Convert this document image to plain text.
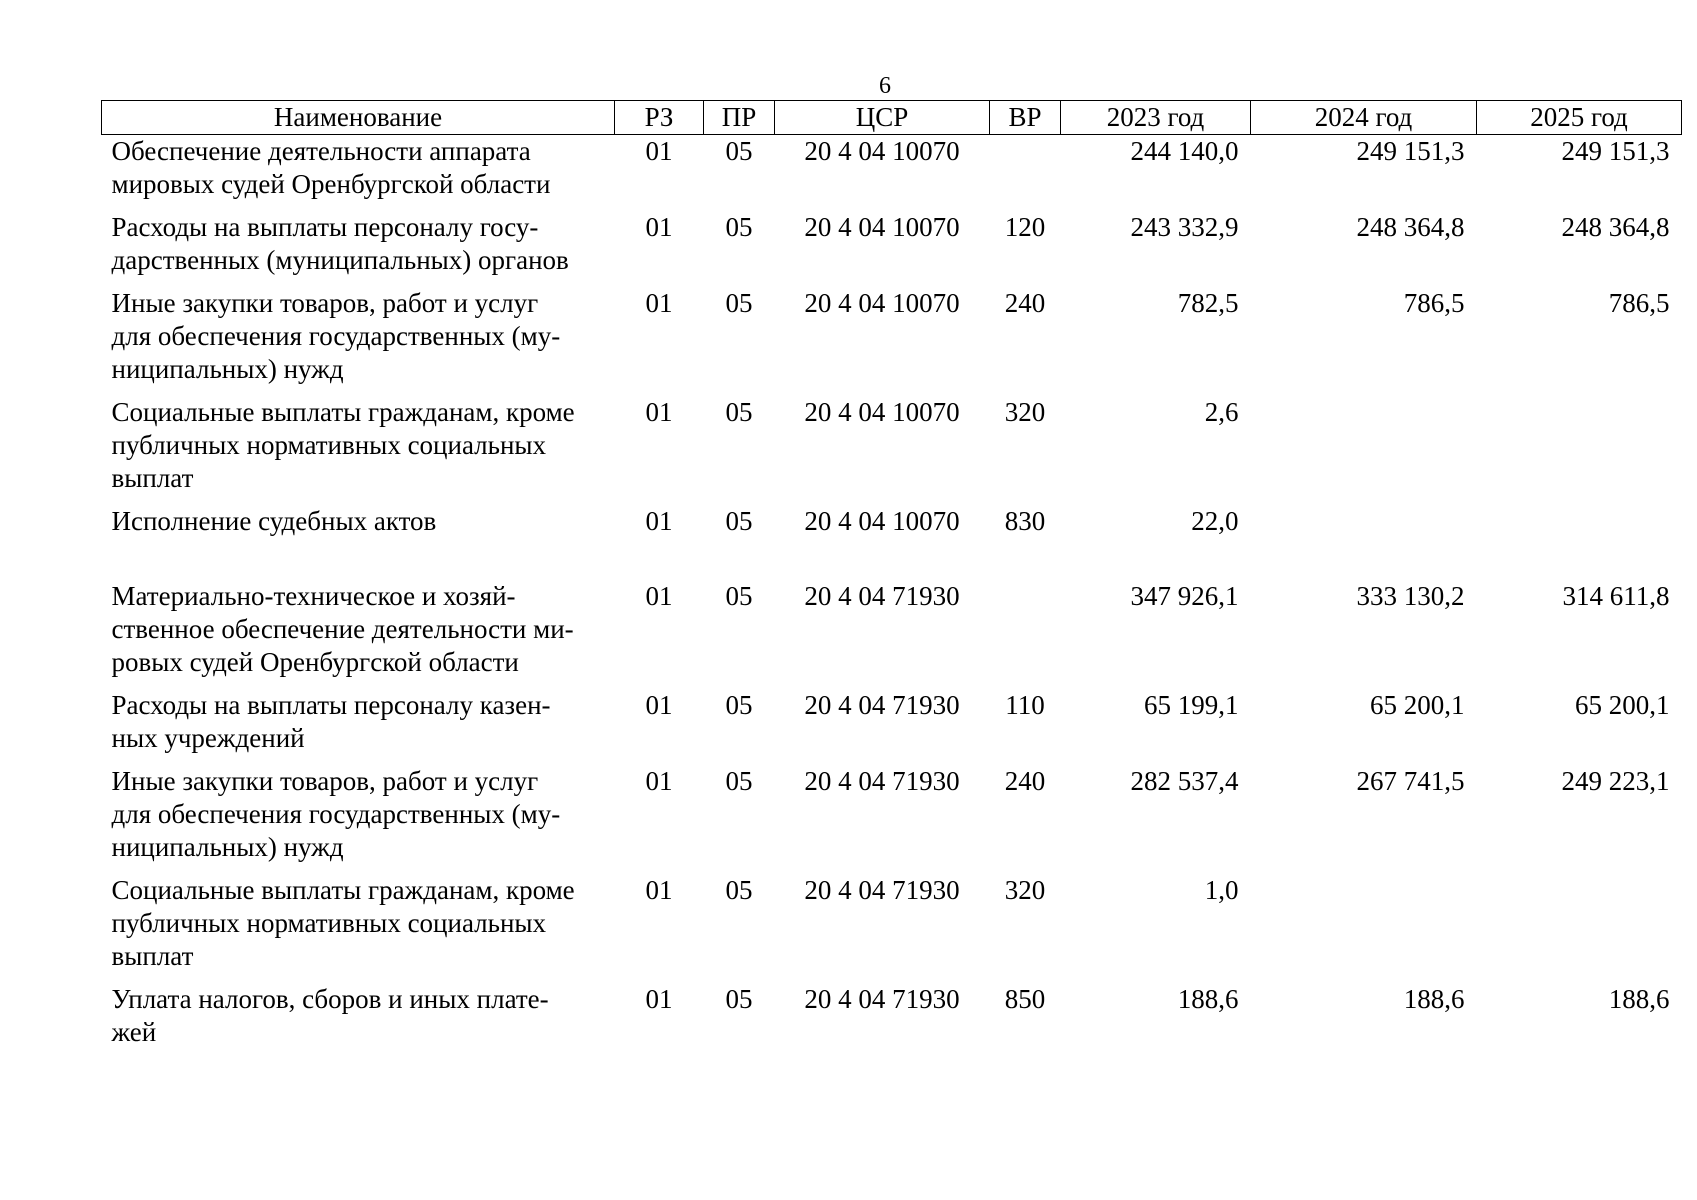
6
Наименование	РЗ	ПР	ЦСР	ВР	2023 год	2024 год	2025 год

Обеспечение деятельности аппарата
мировых судей Оренбургской области	01	05	20 4 04 10070		244 140,0	249 151,3	249 151,3

Расходы на выплаты персоналу госу-
дарственных (муниципальных) органов	01	05	20 4 04 10070	120	243 332,9	248 364,8	248 364,8

Иные закупки товаров, работ и услуг
для обеспечения государственных (му-
ниципальных) нужд	01	05	20 4 04 10070	240	782,5	786,5	786,5

Социальные выплаты гражданам, кроме
публичных нормативных социальных
выплат	01	05	20 4 04 10070	320	2,6		

Исполнение судебных актов	01	05	20 4 04 10070	830	22,0		

Материально-техническое и хозяй-
ственное обеспечение деятельности ми-
ровых судей Оренбургской области	01	05	20 4 04 71930		347 926,1	333 130,2	314 611,8

Расходы на выплаты персоналу казен-
ных учреждений	01	05	20 4 04 71930	110	65 199,1	65 200,1	65 200,1

Иные закупки товаров, работ и услуг
для обеспечения государственных (му-
ниципальных) нужд	01	05	20 4 04 71930	240	282 537,4	267 741,5	249 223,1

Социальные выплаты гражданам, кроме
публичных нормативных социальных
выплат	01	05	20 4 04 71930	320	1,0		

Уплата налогов, сборов и иных плате-
жей	01	05	20 4 04 71930	850	188,6	188,6	188,6
